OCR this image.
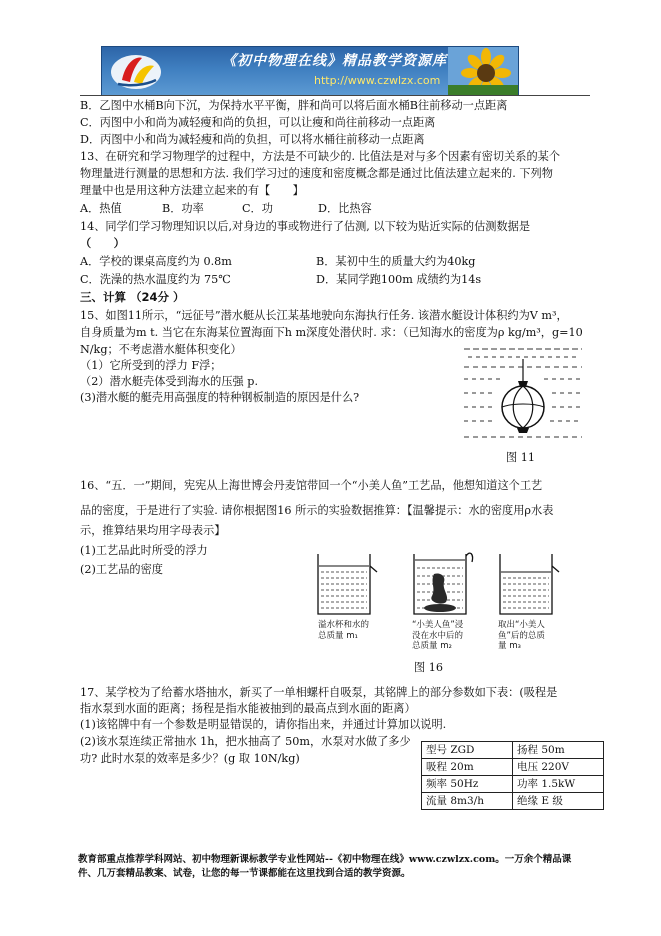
《初中物理在线》精品教学资源库
http://www.czwlzx.com
B．乙图中水桶B向下沉，为保持水平平衡，胖和尚可以将后面水桶B往前移动一点距离
C．丙图中小和尚为减轻瘦和尚的负担，可以让瘦和尚往前移动一点距离
D．丙图中小和尚为减轻瘦和尚的负担，可以将水桶往前移动一点距离
13、在研究和学习物理学的过程中，方法是不可缺少的. 比值法是对与多个因素有密切关系的某个
物理量进行测量的思想和方法. 我们学习过的速度和密度概念都是通过比值法建立起来的. 下列物
理量中也是用这种方法建立起来的有【　　】
A．热值	B．功率	C．功	D．比热容
14、同学们学习物理知识以后,对身边的事或物进行了估测, 以下较为贴近实际的估测数据是
（　　）
A．学校的课桌高度约为 0.8m	B．某初中生的质量大约为40kg
C．洗澡的热水温度约为 75℃	D．某同学跑100m 成绩约为14s
三、计算 （24分 ）
15、如图11所示，“远征号”潜水艇从长江某基地驶向东海执行任务. 该潜水艇设计体积约为V m³，
自身质量为m t. 当它在东海某位置海面下h m深度处潜伏时. 求：（已知海水的密度为ρ kg/m³，g=10
N/kg；不考虑潜水艇体积变化）
（1）它所受到的浮力 F浮；
（2）潜水艇壳体受到海水的压强 p.
(3)潜水艇的艇壳用高强度的特种钢板制造的原因是什么?
图 11
16、“五．一”期间，宪宪从上海世博会丹麦馆带回一个“小美人鱼”工艺品，他想知道这个工艺
品的密度，于是进行了实验. 请你根据图16 所示的实验数据推算：【温馨提示：水的密度用ρ水表
示，推算结果均用字母表示】
(1)工艺品此时所受的浮力
(2)工艺品的密度
溢水杯和水的
总质量 m₁
“小美人鱼”浸
没在水中后的
总质量 m₂
取出“小美人
鱼”后的总质
量 m₃
图 16
17、某学校为了给蓄水塔抽水，新买了一单相螺杆自吸泵，其铭牌上的部分参数如下表：(吸程是
指水泵到水面的距离；扬程是指水能被抽到的最高点到水面的距离）
(1)该铭牌中有一个参数是明显错误的，请你指出来，并通过计算加以说明.
(2)该水泵连续正常抽水 1h，把水抽高了 50m，水泵对水做了多少
功? 此时水泵的效率是多少？(g 取 10N/kg)
型号 ZGD	扬程 50m
吸程 20m	电压 220V
频率 50Hz	功率 1.5kW
流量 8m3/h	绝缘 E 级
教育部重点推荐学科网站、初中物理新课标教学专业性网站--《初中物理在线》www.czwlzx.com。一万余个精品课
件、几万套精品教案、试卷，让您的每一节课都能在这里找到合适的教学资源。
